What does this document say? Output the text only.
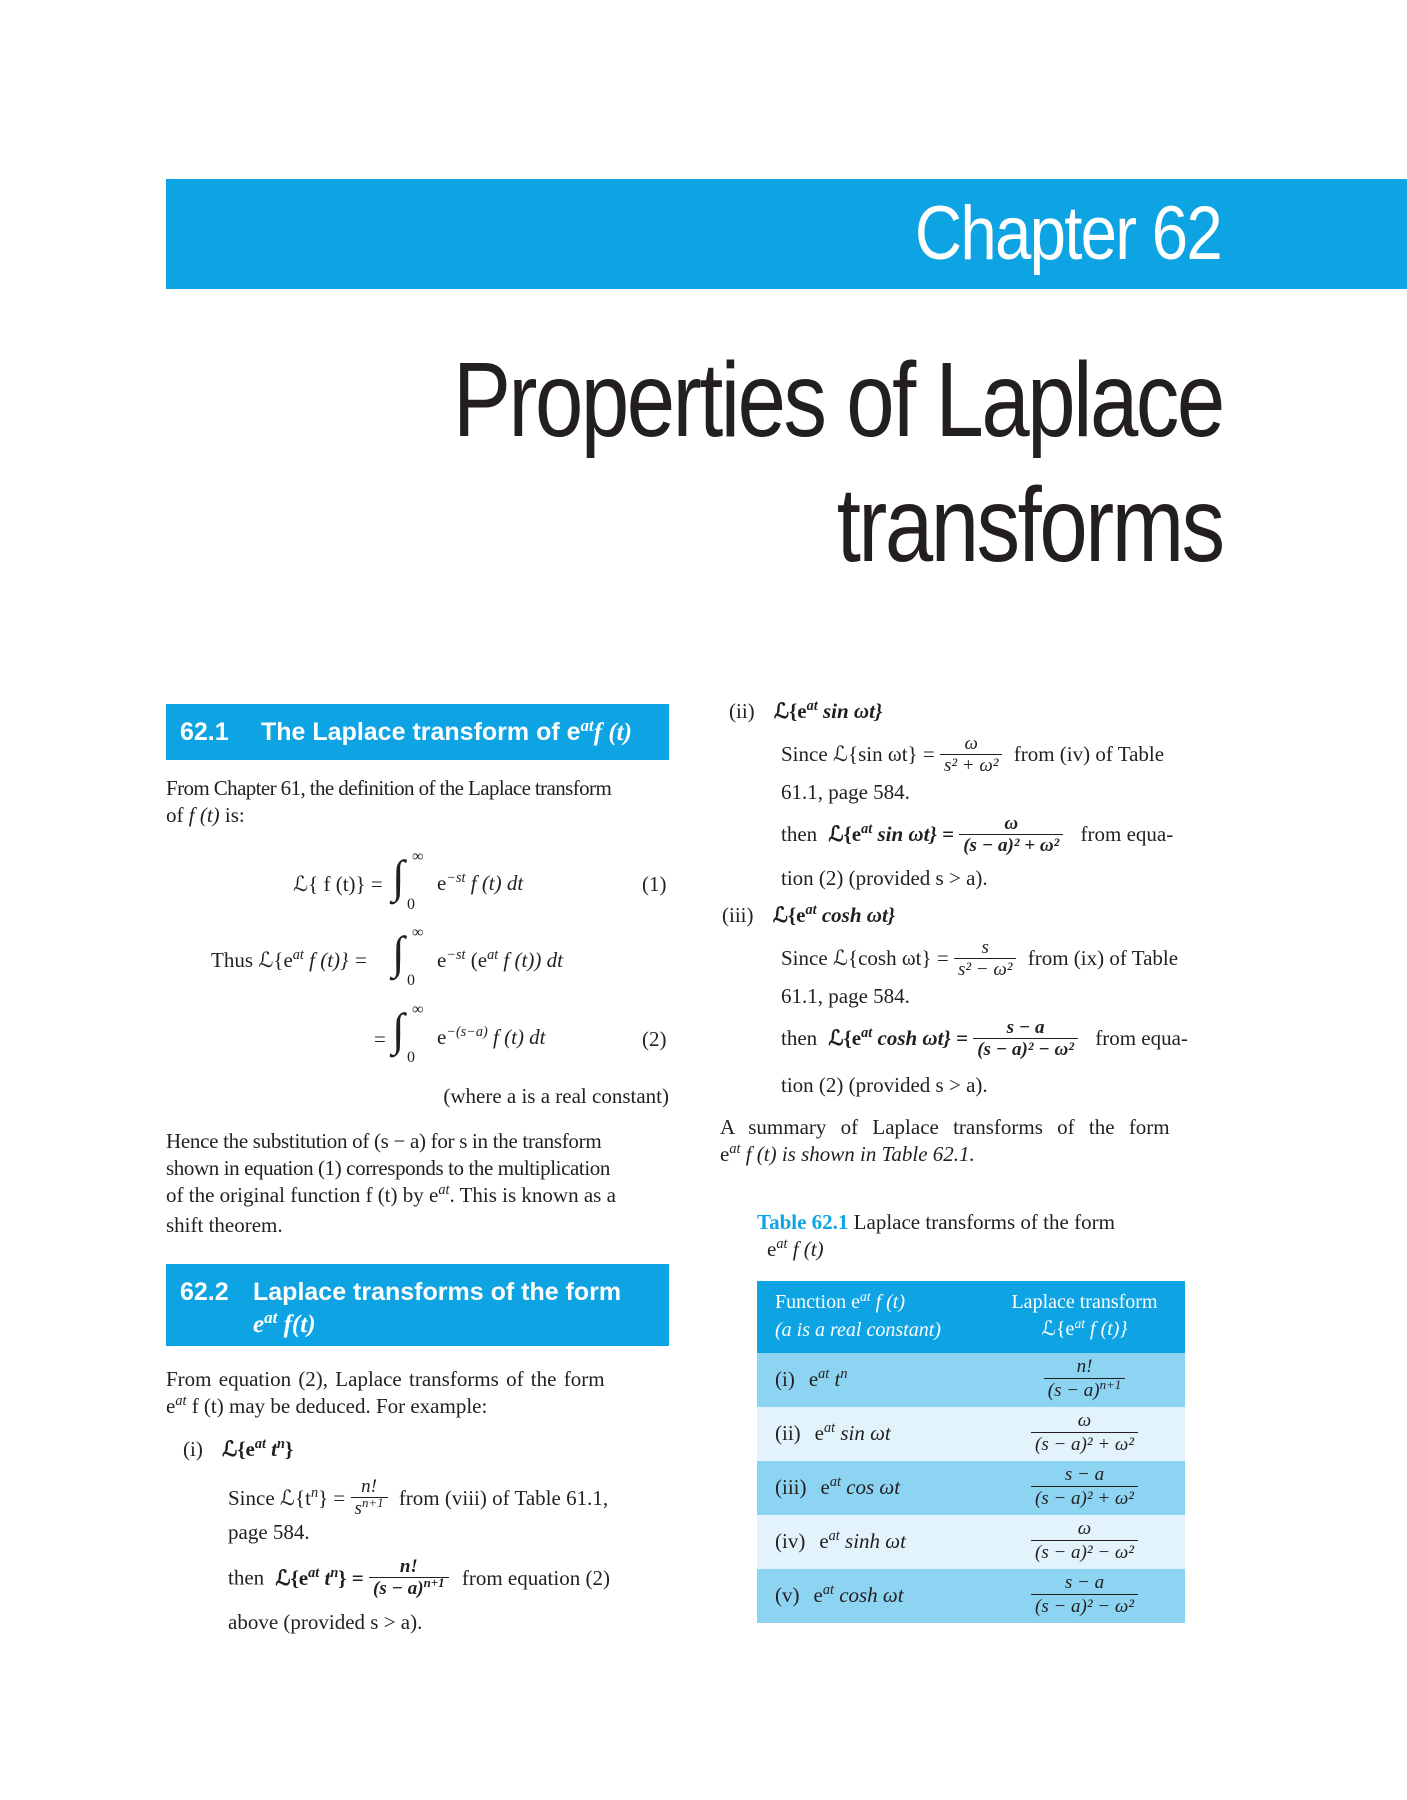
Chapter 62
Properties of Laplace
transforms
62.1 The Laplace transform of $e^{at}f$ (t)
From Chapter 61, the definition of the Laplace transform
of f (t) is:
ℒ{ f (t)} = ∫ ∞
0
$e^{-st}$ f (t) dt	(1)
Thus $ℒ\{e^{at}$ f (t)} = ∫ ∞
0
$e^{-st}$ ($e^{at}$ f (t)) dt
= ∫ ∞
0
$e^{-(s-a)}$ f (t) dt	(2)
(where a is a real constant)
Hence the substitution of (s − a) for s in the transform
shown in equation (1) corresponds to the multiplication
of the original function f (t) by $e^{at}$. This is known as a
shift theorem.
62.2 Laplace transforms of the form
$e^{at}$ f(t)
From equation (2), Laplace transforms of the form
$e^{at}$ f (t) may be deduced. For example:
(i) $ℒ\{e^{at}$ $t^n$}
Since $ℒ\{t^n\} = \frac{n!}{s^{n+1}}$ from (viii) of Table 61.1,
page 584.
then $ℒ\{e^{at}$ $t^n\} = \frac{n!}{(s - a)^{n+1}}$ from equation (2)
above (provided s > a).
(ii) $ℒ\{e^{at}$ sin ωt}
Since ℒ{sin $\omega t\} = \frac{\omega}{\text{s² + ω²}}$ from (iv) of Table
61.1, page 584.
then $ℒ\{e^{at}$ $\sin \omega t\} = \frac{\omega}{\text{(s − a)² + ω²}}$ from equa-
tion (2) (provided s > a).
(iii) $ℒ\{e^{at}$ cosh ωt}
Since ℒ{cosh $\omega t\} = \frac{s}{\text{s² − ω²}}$ from (ix) of Table
61.1, page 584.
then $ℒ\{e^{at}$ $\cosh \omega t\} = \frac{s - a}{\text{(s − a)² − ω²}}$ from equa-
tion (2) (provided s > a).
A summary of Laplace transforms of the form
$e^{at}$ f (t) is shown in Table 62.1.
Table 62.1 Laplace transforms of the form
$e^{at}$ f (t)
Function $e^{at}$ f (t)
(a is a real constant)
Laplace transform
$ℒ\{e^{at}$ f (t)}
(i) $e^{at}$ $t^n$	$\frac{n!}{(s - a)^{n+1}}$
(ii) $e^{at}$ sin ωt	$\frac{\omega}{\text{(s − a)² + ω²}}$
(iii) $e^{at}$ cos ωt	$\frac{s - a}{\text{(s − a)² + ω²}}$
(iv) $e^{at}$ sinh ωt	$\frac{\omega}{\text{(s − a)² − ω²}}$
(v) $e^{at}$ cosh ωt	$\frac{s - a}{\text{(s − a)² − ω²}}$
